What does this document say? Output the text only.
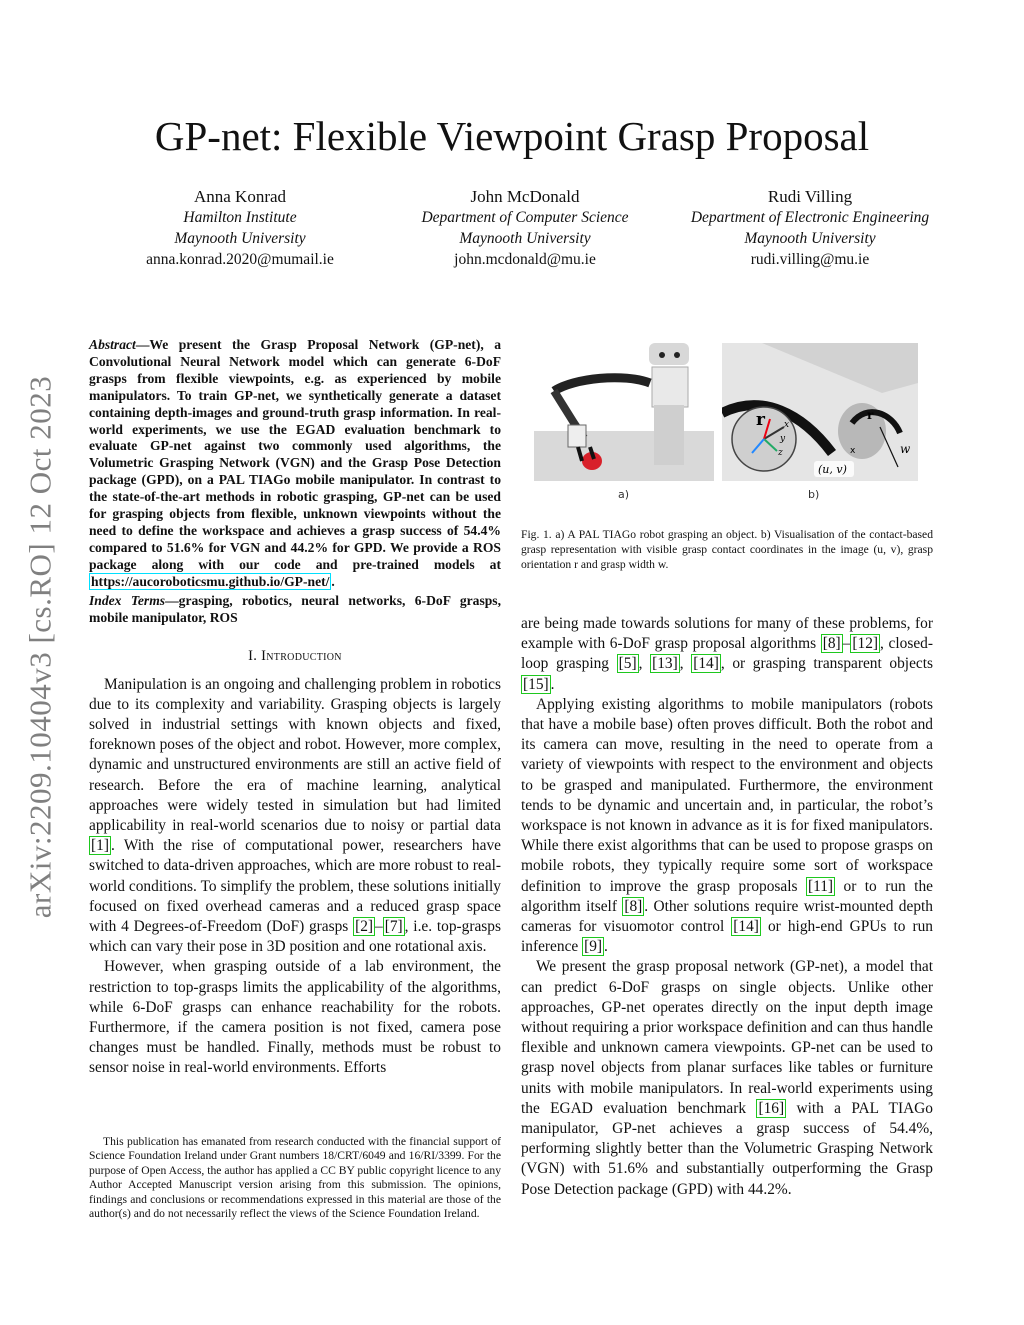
arXiv:2209.10404v3 [cs.RO] 12 Oct 2023
GP-net: Flexible Viewpoint Grasp Proposal
Anna Konrad
Hamilton Institute
Maynooth University
anna.konrad.2020@mumail.ie
John McDonald
Department of Computer Science
Maynooth University
john.mcdonald@mu.ie
Rudi Villing
Department of Electronic Engineering
Maynooth University
rudi.villing@mu.ie
Abstract—We present the Grasp Proposal Network (GP-net), a Convolutional Neural Network model which can generate 6-DoF grasps from flexible viewpoints, e.g. as experienced by mobile manipulators. To train GP-net, we synthetically generate a dataset containing depth-images and ground-truth grasp information. In real-world experiments, we use the EGAD evaluation benchmark to evaluate GP-net against two commonly used algorithms, the Volumetric Grasping Network (VGN) and the Grasp Pose Detection package (GPD), on a PAL TIAGo mobile manipulator. In contrast to the state-of-the-art methods in robotic grasping, GP-net can be used for grasping objects from flexible, unknown viewpoints without the need to define the workspace and achieves a grasp success of 54.4% compared to 51.6% for VGN and 44.2% for GPD. We provide a ROS package along with our code and pre-trained models at https://aucoroboticsmu.github.io/GP-net/ .
Index Terms—grasping, robotics, neural networks, 6-DoF grasps, mobile manipulator, ROS
I. Introduction

Manipulation is an ongoing and challenging problem in robotics due to its complexity and variability. Grasping objects is largely solved in industrial settings with known objects and fixed, foreknown poses of the object and robot. However, more complex, dynamic and unstructured environments are still an active field of research. Before the era of machine learning, analytical approaches were widely tested in simulation but had limited applicability in real-world scenarios due to noisy or partial data [1] . With the rise of computational power, researchers have switched to data-driven approaches, which are more robust to real-world conditions. To simplify the problem, these solutions initially focused on fixed overhead cameras and a reduced grasp space with 4 Degrees-of-Freedom (DoF) grasps [2] – [7] , i.e. top-grasps which can vary their pose in 3D position and one rotational axis.

However, when grasping outside of a lab environment, the restriction to top-grasps limits the applicability of the algorithms, while 6-DoF grasps can enhance reachability for the robots. Furthermore, if the camera position is not fixed, camera pose changes must be handled. Finally, methods must be robust to sensor noise in real-world environments. Efforts

This publication has emanated from research conducted with the financial support of Science Foundation Ireland under Grant numbers 18/CRT/6049 and 16/RI/3399. For the purpose of Open Access, the author has applied a CC BY public copyright licence to any Author Accepted Manuscript version arising from this submission. The opinions, findings and conclusions or recommendations expressed in this material are those of the author(s) and do not necessarily reflect the views of the Science Foundation Ireland.

r x
y
z
r
x	w
(u, v)
a)	b)
Fig. 1. a) A PAL TIAGo robot grasping an object. b) Visualisation of the contact-based grasp representation with visible grasp contact coordinates in the image (u, v), grasp orientation r and grasp width w.

are being made towards solutions for many of these problems, for example with 6-DoF grasp proposal algorithms [8] – [12] , closed-loop grasping [5] , [13] , [14] , or grasping transparent objects [15] .

Applying existing algorithms to mobile manipulators (robots that have a mobile base) often proves difficult. Both the robot and its camera can move, resulting in the need to operate from a variety of viewpoints with respect to the environment and objects to be grasped and manipulated. Furthermore, the environment tends to be dynamic and uncertain and, in particular, the robot’s workspace is not known in advance as it is for fixed manipulators. While there exist algorithms that can be used to propose grasps on mobile robots, they typically require some sort of workspace definition to improve the grasp proposals [11] or to run the algorithm itself [8] . Other solutions require wrist-mounted depth cameras for visuomotor control [14] or high-end GPUs to run inference [9] .

We present the grasp proposal network (GP-net), a model that can predict 6-DoF grasps on single objects. Unlike other approaches, GP-net operates directly on the input depth image without requiring a prior workspace definition and can thus handle flexible and unknown camera viewpoints. GP-net can be used to grasp novel objects from planar surfaces like tables or furniture units with mobile manipulators. In real-world experiments using the EGAD evaluation benchmark [16] with a PAL TIAGo manipulator, GP-net achieves a grasp success of 54.4%, performing slightly better than the Volumetric Grasping Network (VGN) with 51.6% and substantially outperforming the Grasp Pose Detection package (GPD) with 44.2%.
